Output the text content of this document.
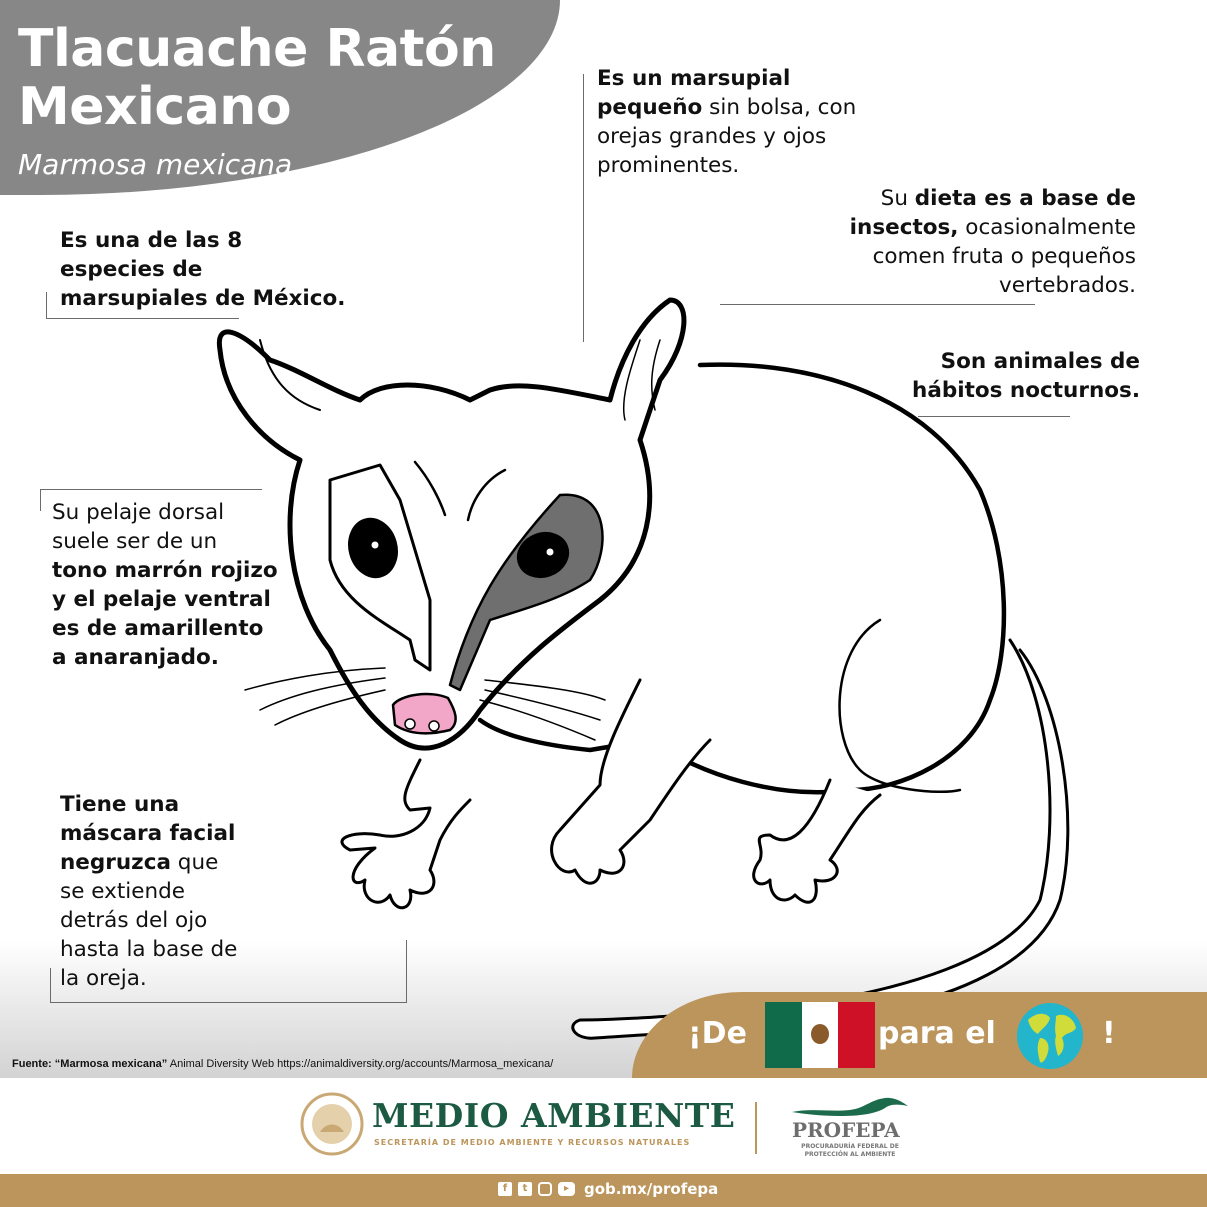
Tlacuache Ratón
Mexicano
Marmosa mexicana
Es una de las 8
especies de
marsupiales de México.
Es un marsupial
pequeño sin bolsa, con
orejas grandes y ojos
prominentes.
Su dieta es a base de
insectos, ocasionalmente
comen fruta o pequeños
vertebrados.
Son animales de
hábitos nocturnos.
Su pelaje dorsal
suele ser de un
tono marrón rojizo
y el pelaje ventral
es de amarillento
a anaranjado.
Tiene una
máscara facial
negruzca que
se extiende
detrás del ojo
hasta la base de
la oreja.
Fuente: “Marmosa mexicana” Animal Diversity Web https://animaldiversity.org/accounts/Marmosa_mexicana/
¡De	para el	!
MEDIO AMBIENTE
SECRETARÍA DE MEDIO AMBIENTE Y RECURSOS NATURALES
PROFEPA
PROCURADURÍA FEDERAL DE PROTECCIÓN AL AMBIENTE
f	t	▸ gob.mx/profepa
